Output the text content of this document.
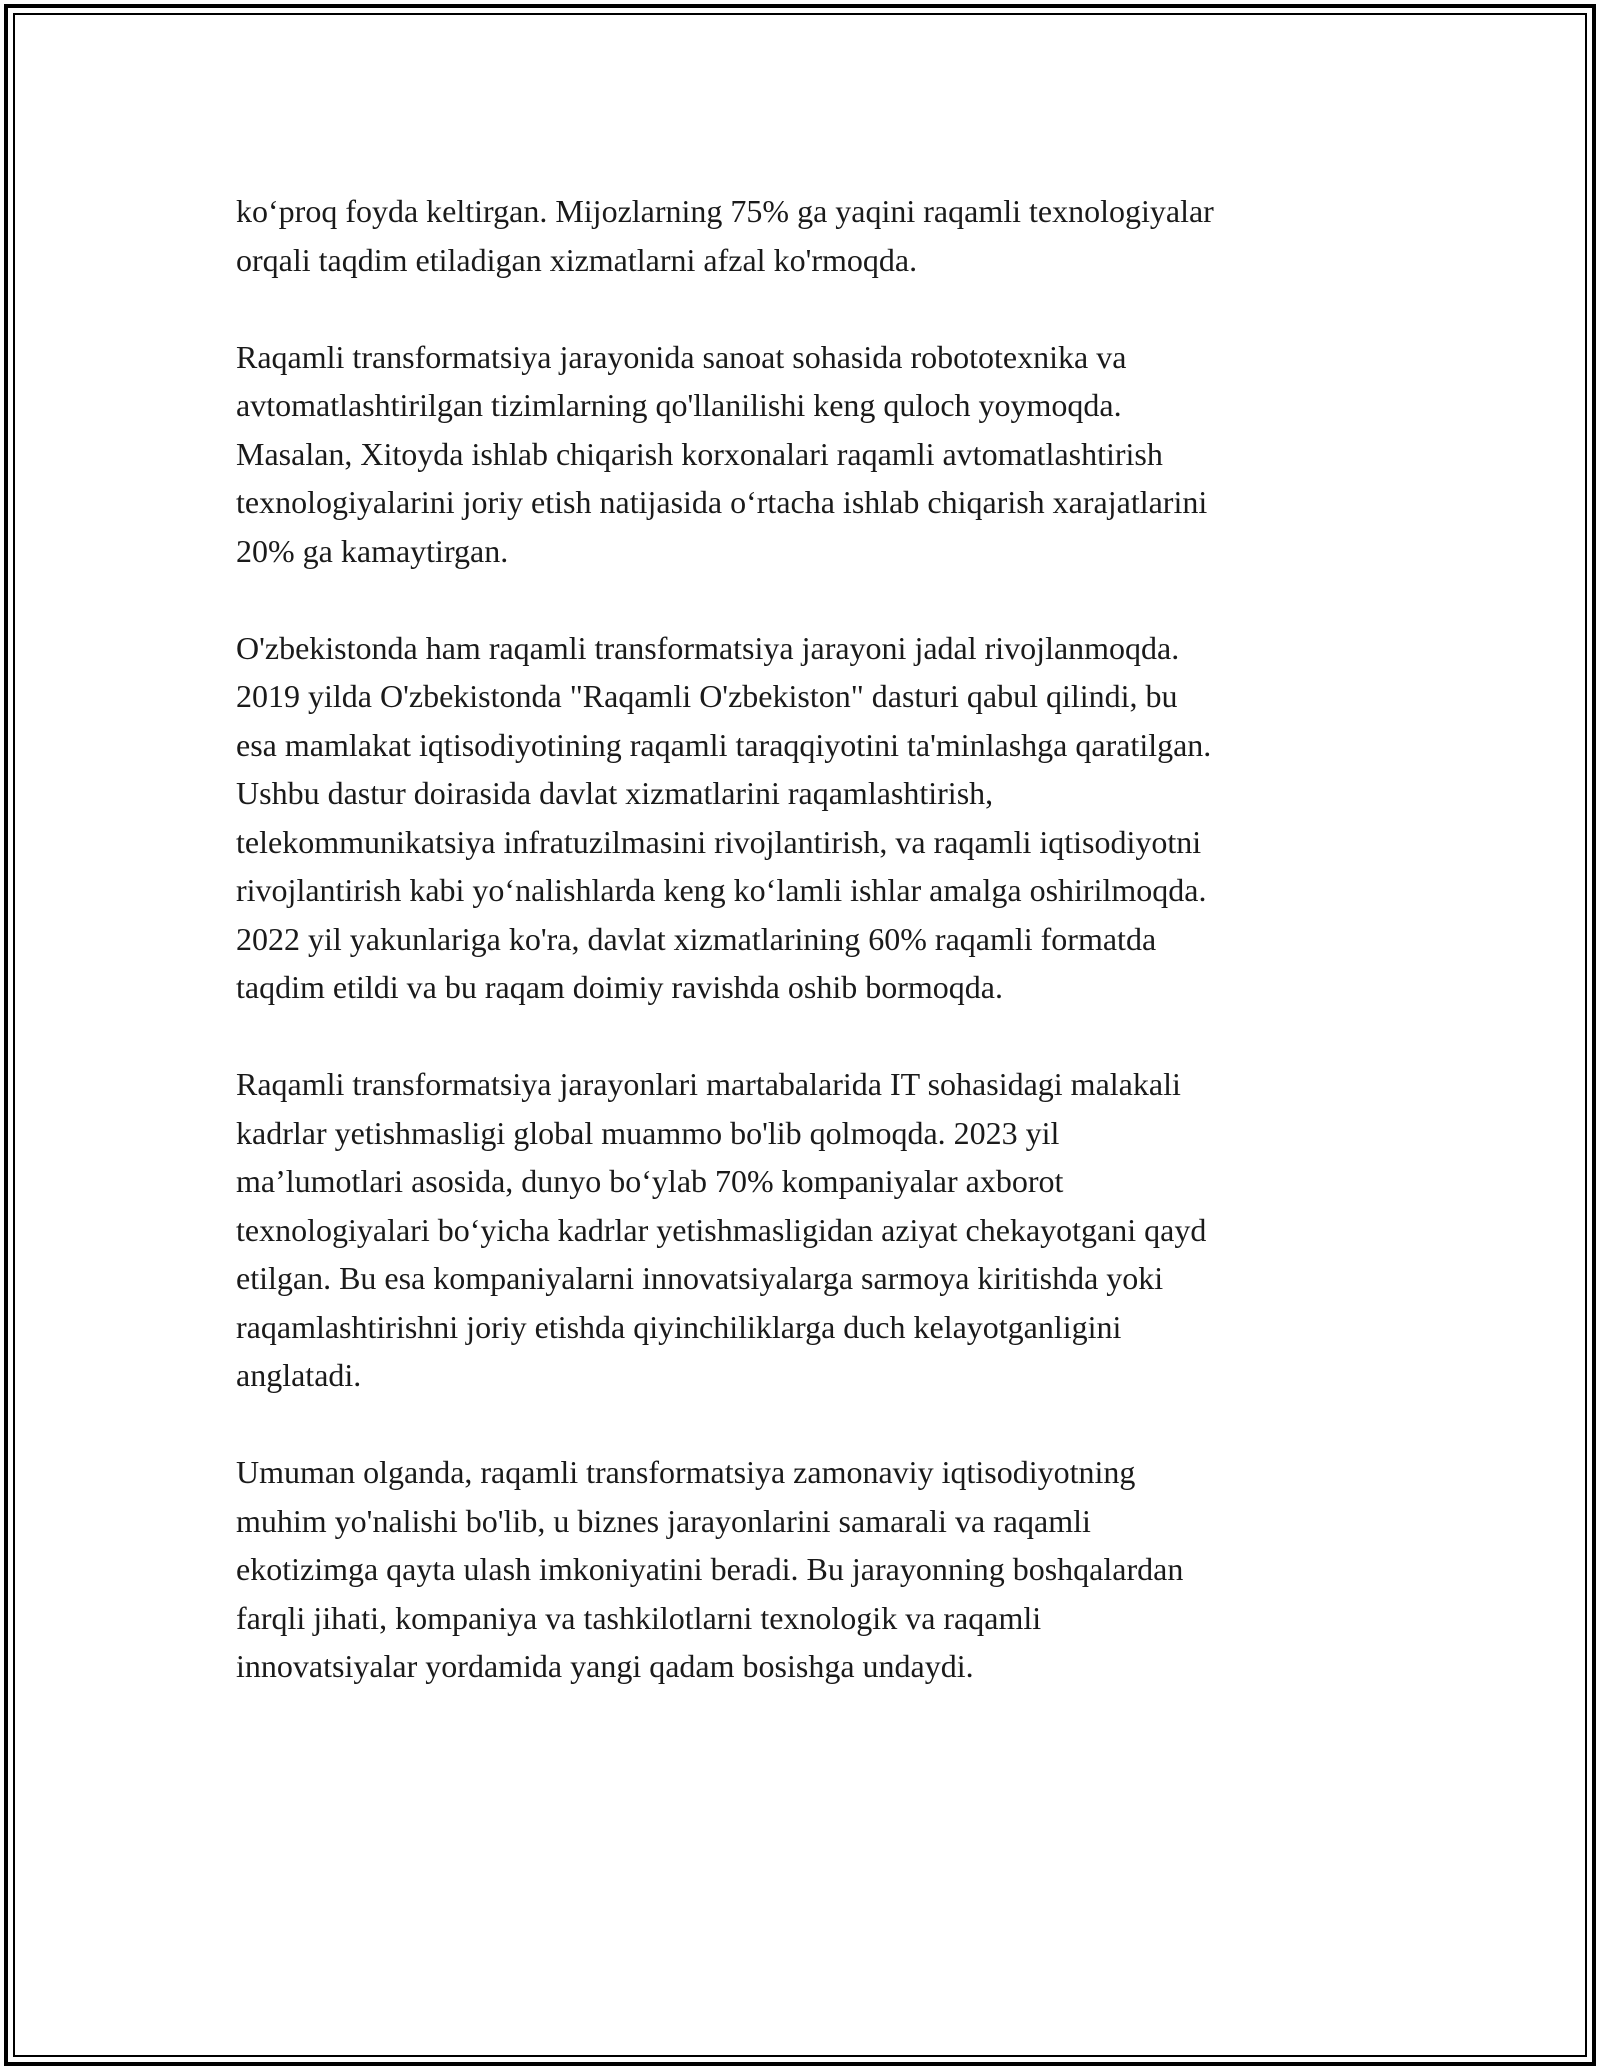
ko‘proq foyda keltirgan. Mijozlarning 75% ga yaqini raqamli texnologiyalar
orqali taqdim etiladigan xizmatlarni afzal ko'rmoqda.

Raqamli transformatsiya jarayonida sanoat sohasida robototexnika va
avtomatlashtirilgan tizimlarning qo'llanilishi keng quloch yoymoqda.
Masalan, Xitoyda ishlab chiqarish korxonalari raqamli avtomatlashtirish
texnologiyalarini joriy etish natijasida o‘rtacha ishlab chiqarish xarajatlarini
20% ga kamaytirgan.

O'zbekistonda ham raqamli transformatsiya jarayoni jadal rivojlanmoqda.
2019 yilda O'zbekistonda "Raqamli O'zbekiston" dasturi qabul qilindi, bu
esa mamlakat iqtisodiyotining raqamli taraqqiyotini ta'minlashga qaratilgan.
Ushbu dastur doirasida davlat xizmatlarini raqamlashtirish,
telekommunikatsiya infratuzilmasini rivojlantirish, va raqamli iqtisodiyotni
rivojlantirish kabi yo‘nalishlarda keng ko‘lamli ishlar amalga oshirilmoqda.
2022 yil yakunlariga ko'ra, davlat xizmatlarining 60% raqamli formatda
taqdim etildi va bu raqam doimiy ravishda oshib bormoqda.

Raqamli transformatsiya jarayonlari martabalarida IT sohasidagi malakali
kadrlar yetishmasligi global muammo bo'lib qolmoqda. 2023 yil
ma’lumotlari asosida, dunyo bo‘ylab 70% kompaniyalar axborot
texnologiyalari bo‘yicha kadrlar yetishmasligidan aziyat chekayotgani qayd
etilgan. Bu esa kompaniyalarni innovatsiyalarga sarmoya kiritishda yoki
raqamlashtirishni joriy etishda qiyinchiliklarga duch kelayotganligini
anglatadi.

Umuman olganda, raqamli transformatsiya zamonaviy iqtisodiyotning
muhim yo'nalishi bo'lib, u biznes jarayonlarini samarali va raqamli
ekotizimga qayta ulash imkoniyatini beradi. Bu jarayonning boshqalardan
farqli jihati, kompaniya va tashkilotlarni texnologik va raqamli
innovatsiyalar yordamida yangi qadam bosishga undaydi.
